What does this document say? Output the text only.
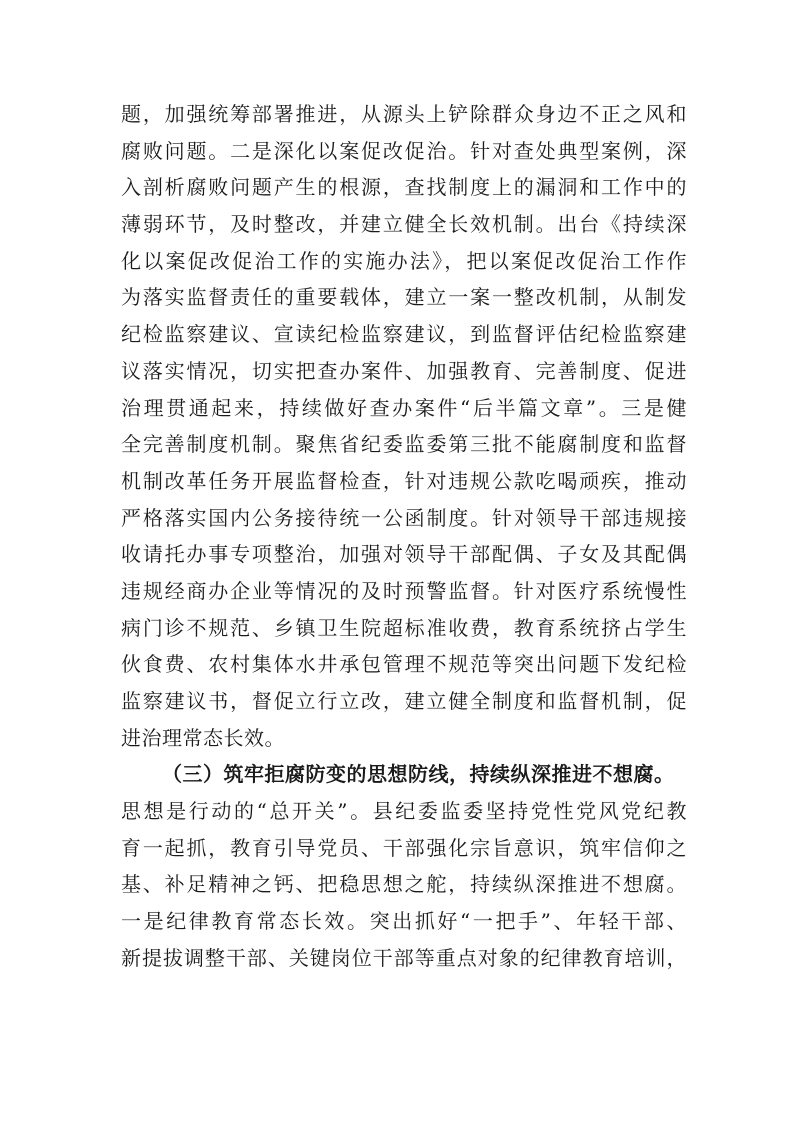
题，加强统筹部署推进，从源头上铲除群众身边不正之风和
腐败问题。二是深化以案促改促治。针对查处典型案例，深
入剖析腐败问题产生的根源，查找制度上的漏洞和工作中的
薄弱环节，及时整改，并建立健全长效机制。出台《持续深
化以案促改促治工作的实施办法》，把以案促改促治工作作
为落实监督责任的重要载体，建立一案一整改机制，从制发
纪检监察建议、宣读纪检监察建议，到监督评估纪检监察建
议落实情况，切实把查办案件、加强教育、完善制度、促进
治理贯通起来，持续做好查办案件“后半篇文章”。三是健
全完善制度机制。聚焦省纪委监委第三批不能腐制度和监督
机制改革任务开展监督检查，针对违规公款吃喝顽疾，推动
严格落实国内公务接待统一公函制度。针对领导干部违规接
收请托办事专项整治，加强对领导干部配偶、子女及其配偶
违规经商办企业等情况的及时预警监督。针对医疗系统慢性
病门诊不规范、乡镇卫生院超标准收费，教育系统挤占学生
伙食费、农村集体水井承包管理不规范等突出问题下发纪检
监察建议书，督促立行立改，建立健全制度和监督机制，促
进治理常态长效。
（三）筑牢拒腐防变的思想防线，持续纵深推进不想腐。
思想是行动的“总开关”。县纪委监委坚持党性党风党纪教
育一起抓，教育引导党员、干部强化宗旨意识，筑牢信仰之
基、补足精神之钙、把稳思想之舵，持续纵深推进不想腐。
一是纪律教育常态长效。突出抓好“一把手”、年轻干部、
新提拔调整干部、关键岗位干部等重点对象的纪律教育培训，
